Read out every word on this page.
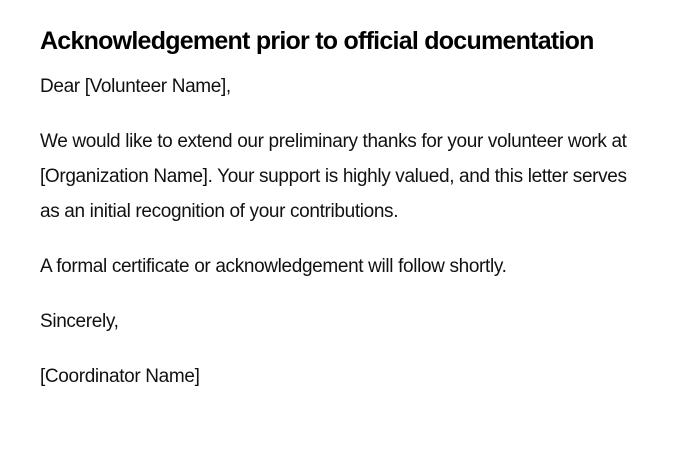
Acknowledgement prior to official documentation

Dear [Volunteer Name],

We would like to extend our preliminary thanks for your volunteer work at [Organization Name]. Your support is highly valued, and this letter serves as an initial recognition of your contributions.

A formal certificate or acknowledgement will follow shortly.

Sincerely,

[Coordinator Name]
